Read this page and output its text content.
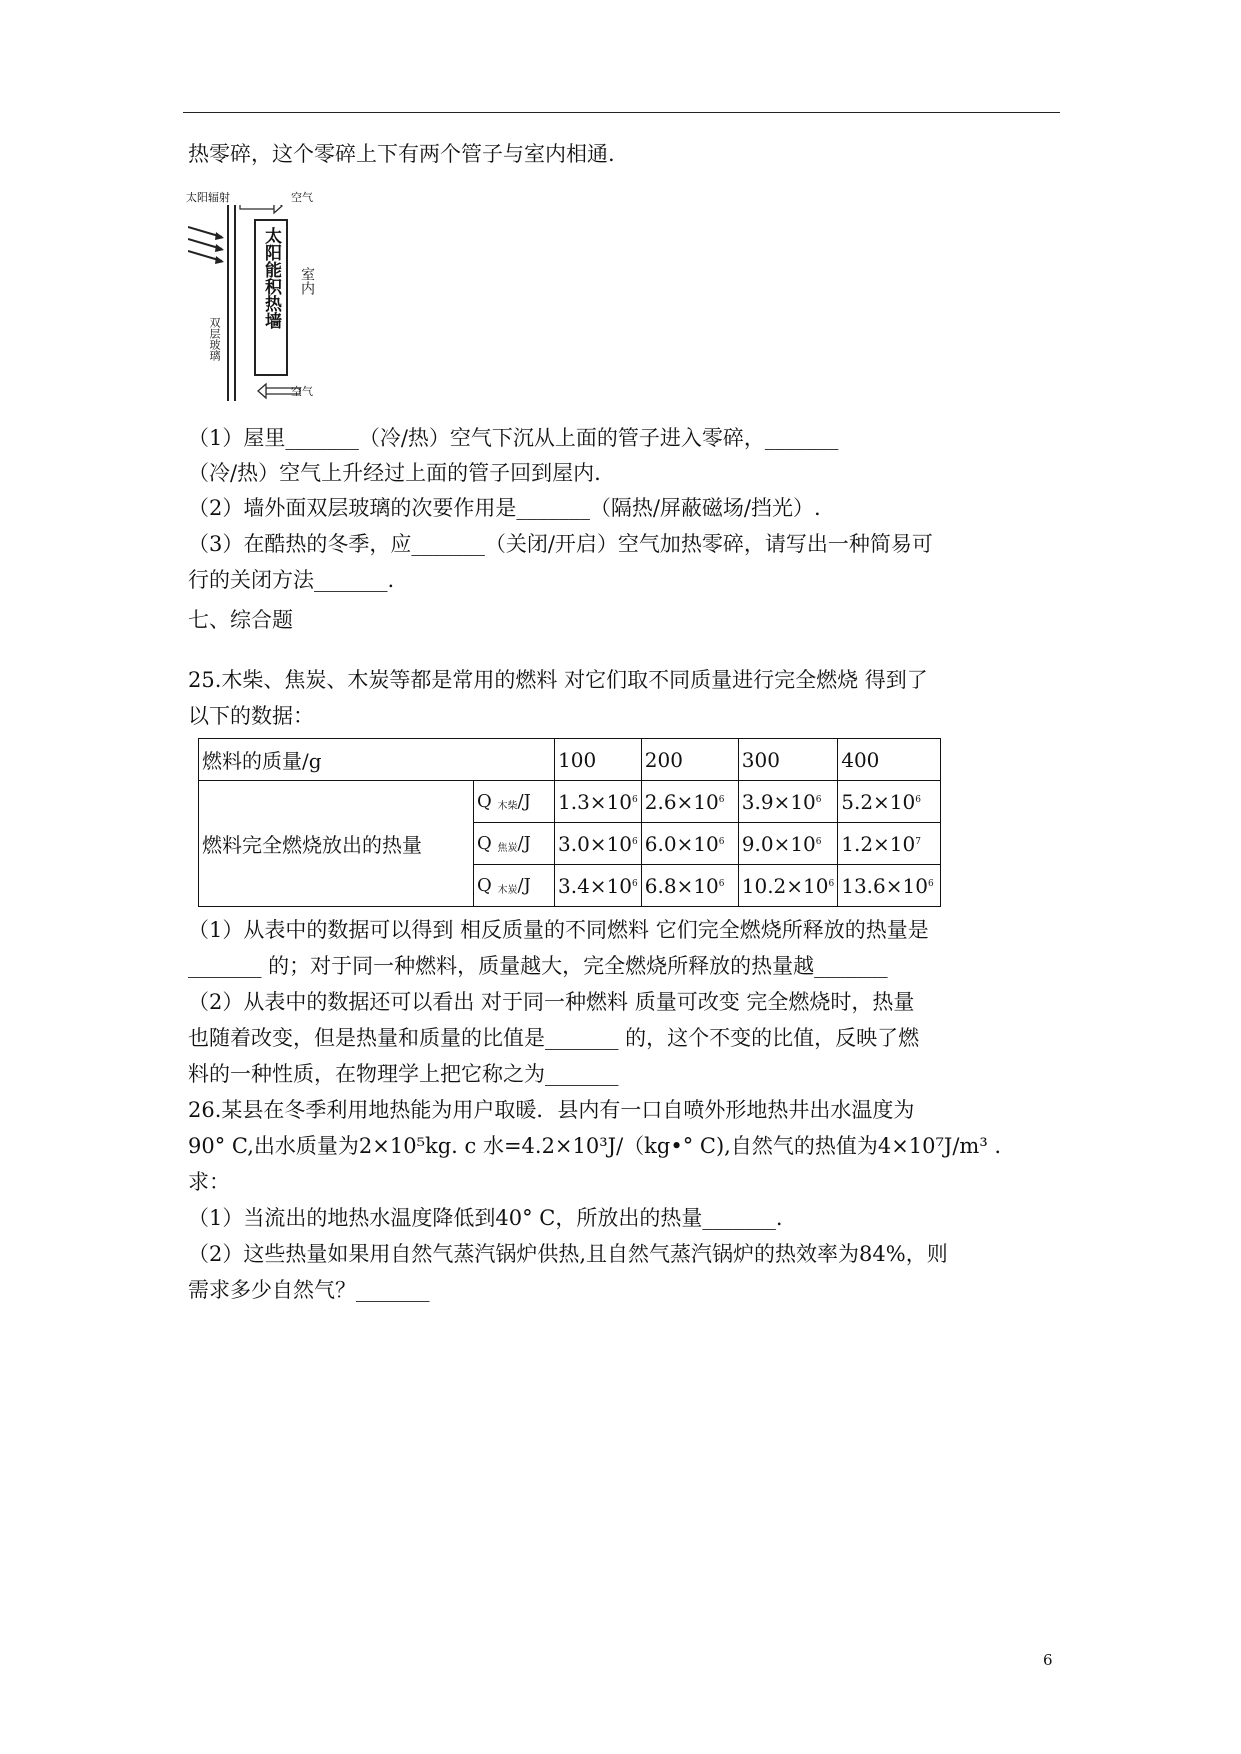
热零碎，这个零碎上下有两个管子与室内相通.
太阳辐射	空气
空气
太阳能积热墙 室内
双层玻璃
（1）屋里_______（冷/热）空气下沉从上面的管子进入零碎，_______
（冷/热）空气上升经过上面的管子回到屋内.
（2）墙外面双层玻璃的次要作用是_______（隔热/屏蔽磁场/挡光）.
（3）在酷热的冬季，应_______（关闭/开启）空气加热零碎，请写出一种简易可
行的关闭方法_______.
七、综合题
25.木柴、焦炭、木炭等都是常用的燃料 对它们取不同质量进行完全燃烧 得到了
以下的数据：
燃料的质量/g		100	200	300	400	
燃料完全燃烧放出的热量	Q $_{木柴}$/J	$1.3\times 10^6$	$2.6\times 10^6$	$3.9\times 10^6$	$5.2\times 10^6$
	Q $_{焦炭}$/J	$3.0\times 10^6$	$6.0\times 10^6$	$9.0\times 10^6$	$1.2\times 10^7$
	Q $_{木炭}$/J	$3.4\times 10^6$	$6.8\times 10^6$	$10.2\times 10^6$	$13.6\times 10^6$
（1）从表中的数据可以得到 相反质量的不同燃料 它们完全燃烧所释放的热量是
_______ 的；对于同一种燃料，质量越大，完全燃烧所释放的热量越_______
（2）从表中的数据还可以看出 对于同一种燃料 质量可改变 完全燃烧时，热量
也随着改变，但是热量和质量的比值是_______ 的，这个不变的比值，反映了燃
料的一种性质，在物理学上把它称之为_______
26.某县在冬季利用地热能为用户取暖．县内有一口自喷外形地热井出水温度为
90° C,出水质量为2×10⁵kg. c 水=4.2×10³J/（kg•° C),自然气的热值为4×10⁷J/m³ .
求：
（1）当流出的地热水温度降低到40° C，所放出的热量_______.
（2）这些热量如果用自然气蒸汽锅炉供热,且自然气蒸汽锅炉的热效率为84%，则
需求多少自然气？_______
6
